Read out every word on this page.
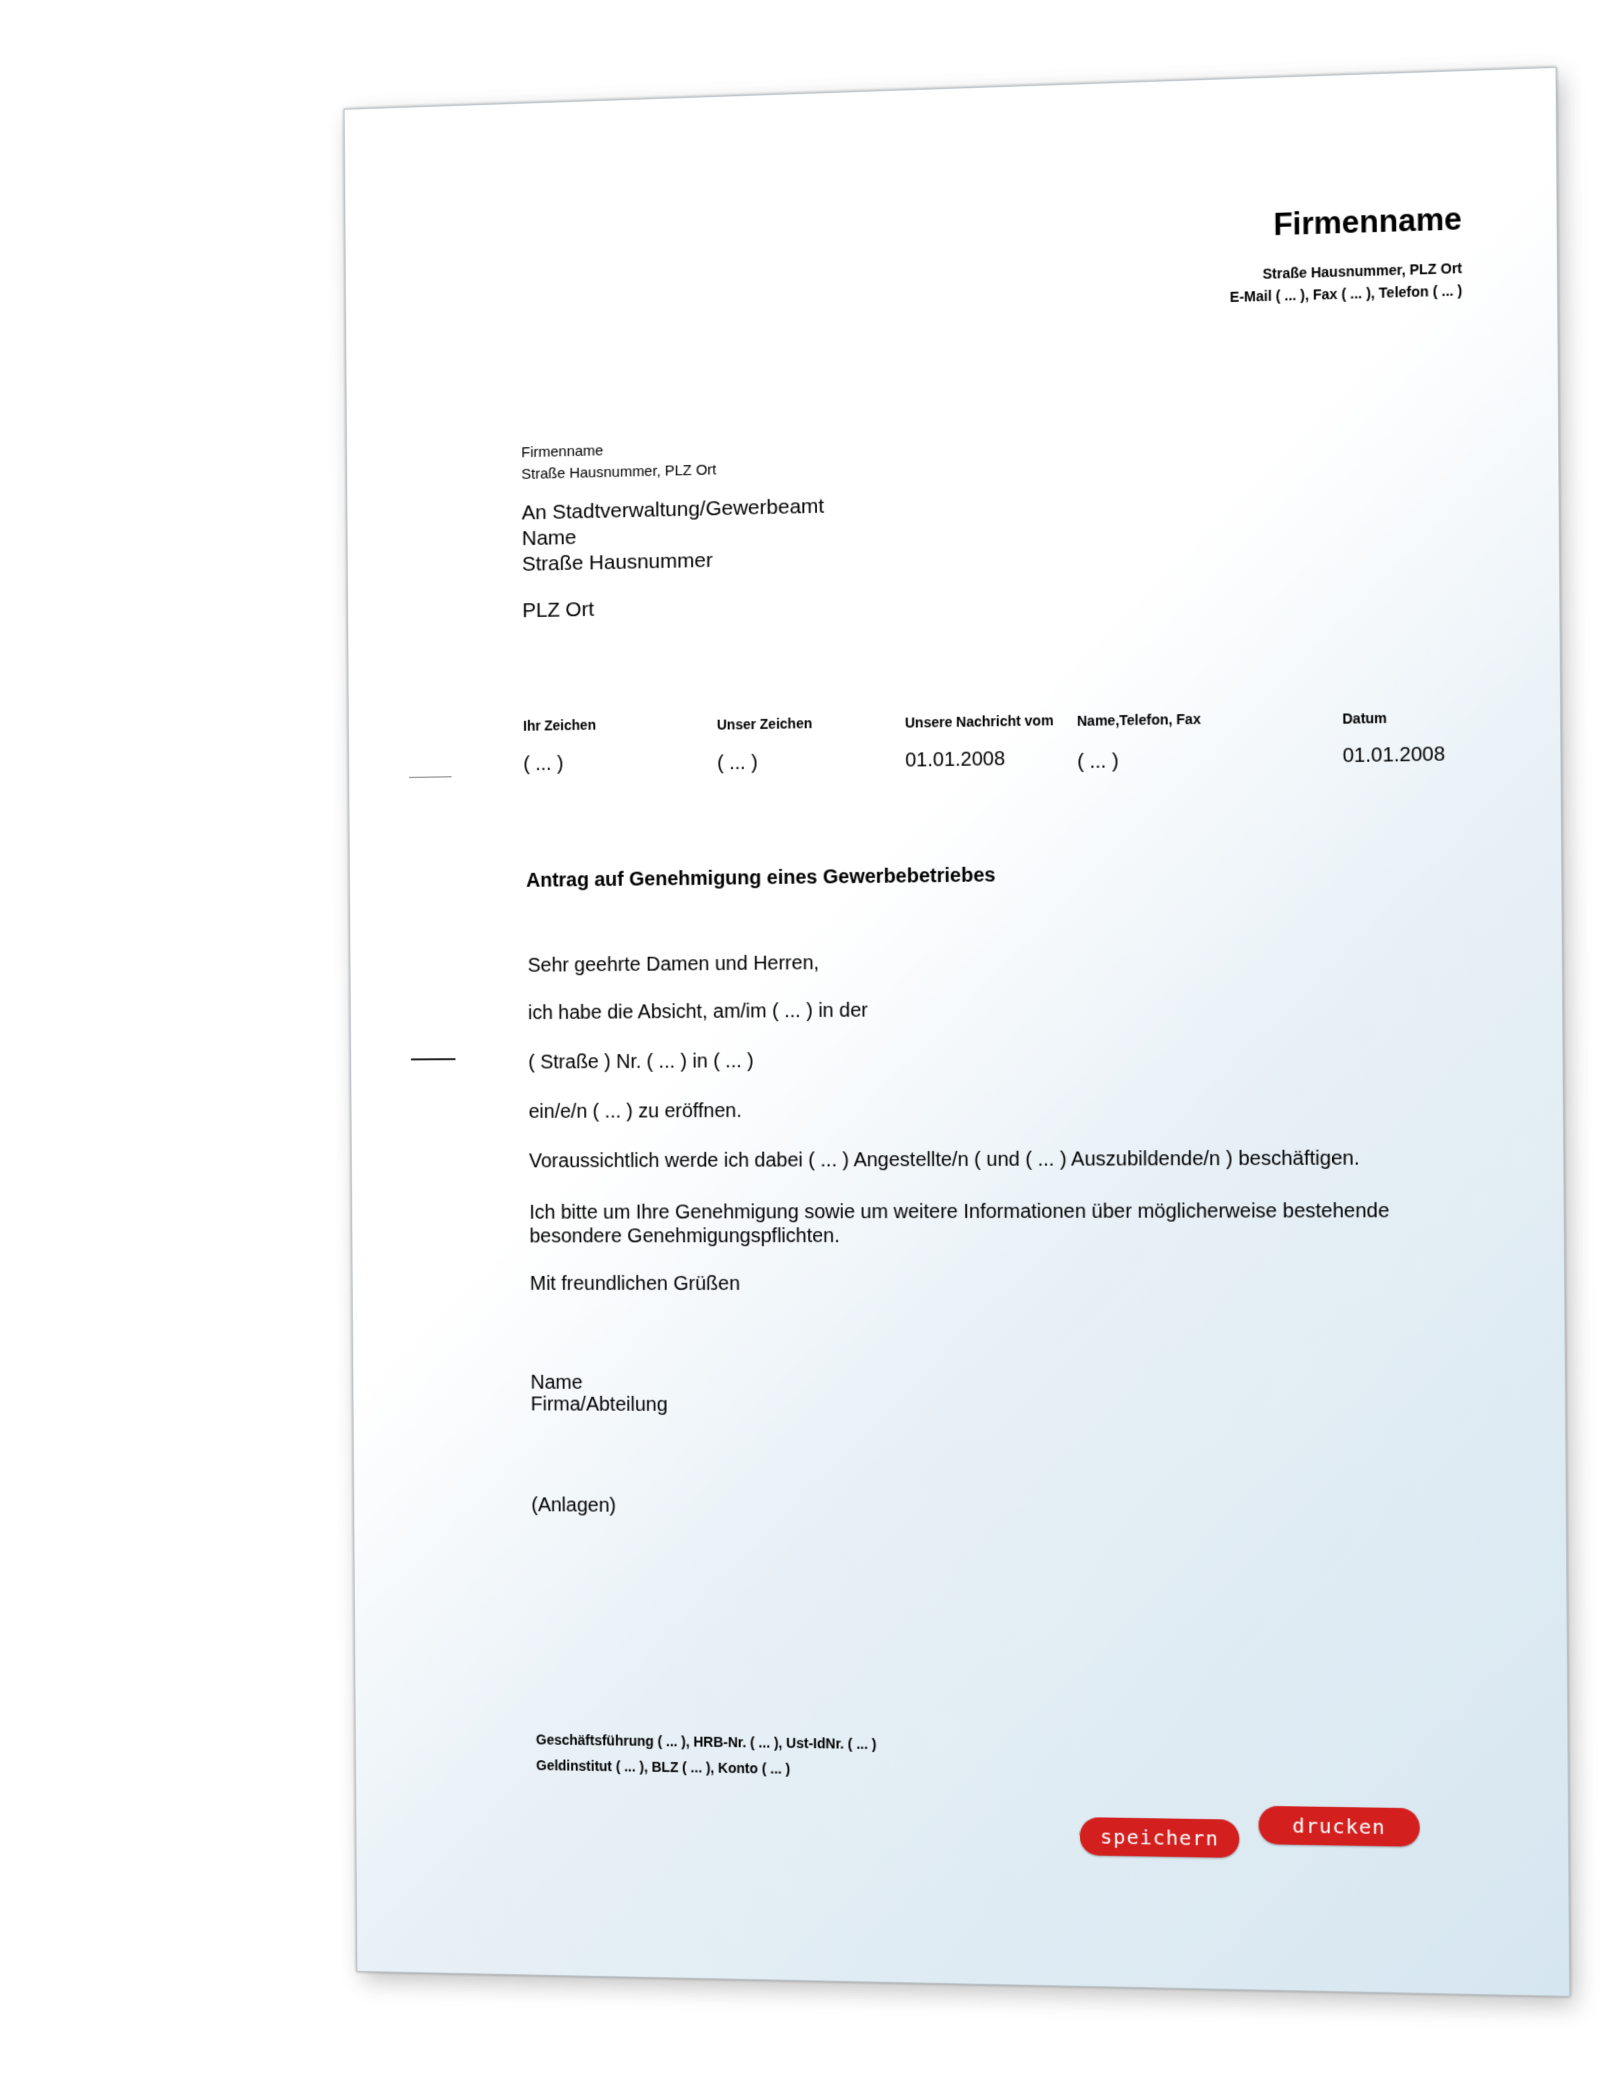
Firmenname
Straße Hausnummer, PLZ Ort
E-Mail ( ... ), Fax ( ... ), Telefon ( ... )
Firmenname
Straße Hausnummer, PLZ Ort
An Stadtverwaltung/Gewerbeamt
Name
Straße Hausnummer
PLZ Ort
Ihr Zeichen
( ... )
Unser Zeichen
( ... )
Unsere Nachricht vom
01.01.2008
Name,Telefon, Fax
( ... )
Datum
01.01.2008
Antrag auf Genehmigung eines Gewerbebetriebes
Sehr geehrte Damen und Herren,
ich habe die Absicht, am/im ( ... ) in der
( Straße ) Nr. ( ... ) in ( ... )
ein/e/n ( ... ) zu eröffnen.
Voraussichtlich werde ich dabei ( ... ) Angestellte/n ( und ( ... ) Auszubildende/n ) beschäftigen.
Ich bitte um Ihre Genehmigung sowie um weitere Informationen über möglicherweise bestehende
besondere Genehmigungspflichten.
Mit freundlichen Grüßen
Name
Firma/Abteilung
(Anlagen)
Geschäftsführung ( ... ), HRB-Nr. ( ... ), Ust-IdNr. ( ... )
Geldinstitut ( ... ), BLZ ( ... ), Konto ( ... )
speichern	drucken
